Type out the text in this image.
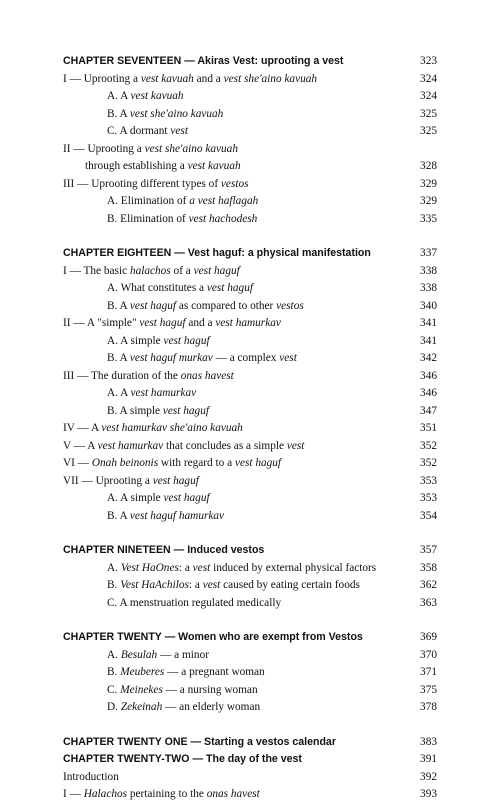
CHAPTER SEVENTEEN — Akiras Vest: uprooting a vest	323
I — Uprooting a vest kavuah and a vest she'aino kavuah	324
A. A vest kavuah	324
B. A vest she'aino kavuah	325
C. A dormant vest	325
II — Uprooting a vest she'aino kavuah
through establishing a vest kavuah	328
III — Uprooting different types of vestos	329
A. Elimination of a vest haflagah	329
B. Elimination of vest hachodesh	335
CHAPTER EIGHTEEN — Vest haguf: a physical manifestation	337
I — The basic halachos of a vest haguf	338
A. What constitutes a vest haguf	338
B. A vest haguf as compared to other vestos	340
II — A "simple" vest haguf and a vest hamurkav	341
A. A simple vest haguf	341
B. A vest haguf murkav — a complex vest	342
III — The duration of the onas havest	346
A. A vest hamurkav	346
B. A simple vest haguf	347
IV — A vest hamurkav she'aino kavuah	351
V — A vest hamurkav that concludes as a simple vest	352
VI — Onah beinonis with regard to a vest haguf	352
VII — Uprooting a vest haguf	353
A. A simple vest haguf	353
B. A vest haguf hamurkav	354
CHAPTER NINETEEN — Induced vestos	357
A. Vest HaOnes: a vest induced by external physical factors	358
B. Vest HaAchilos: a vest caused by eating certain foods	362
C. A menstruation regulated medically	363
CHAPTER TWENTY — Women who are exempt from Vestos	369
A. Besulah — a minor	370
B. Meuberes — a pregnant woman	371
C. Meinekes — a nursing woman	375
D. Zekeinah — an elderly woman	378
CHAPTER TWENTY ONE — Starting a vestos calendar	383
CHAPTER TWENTY-TWO — The day of the vest	391
Introduction	392
I — Halachos pertaining to the onas havest	393
